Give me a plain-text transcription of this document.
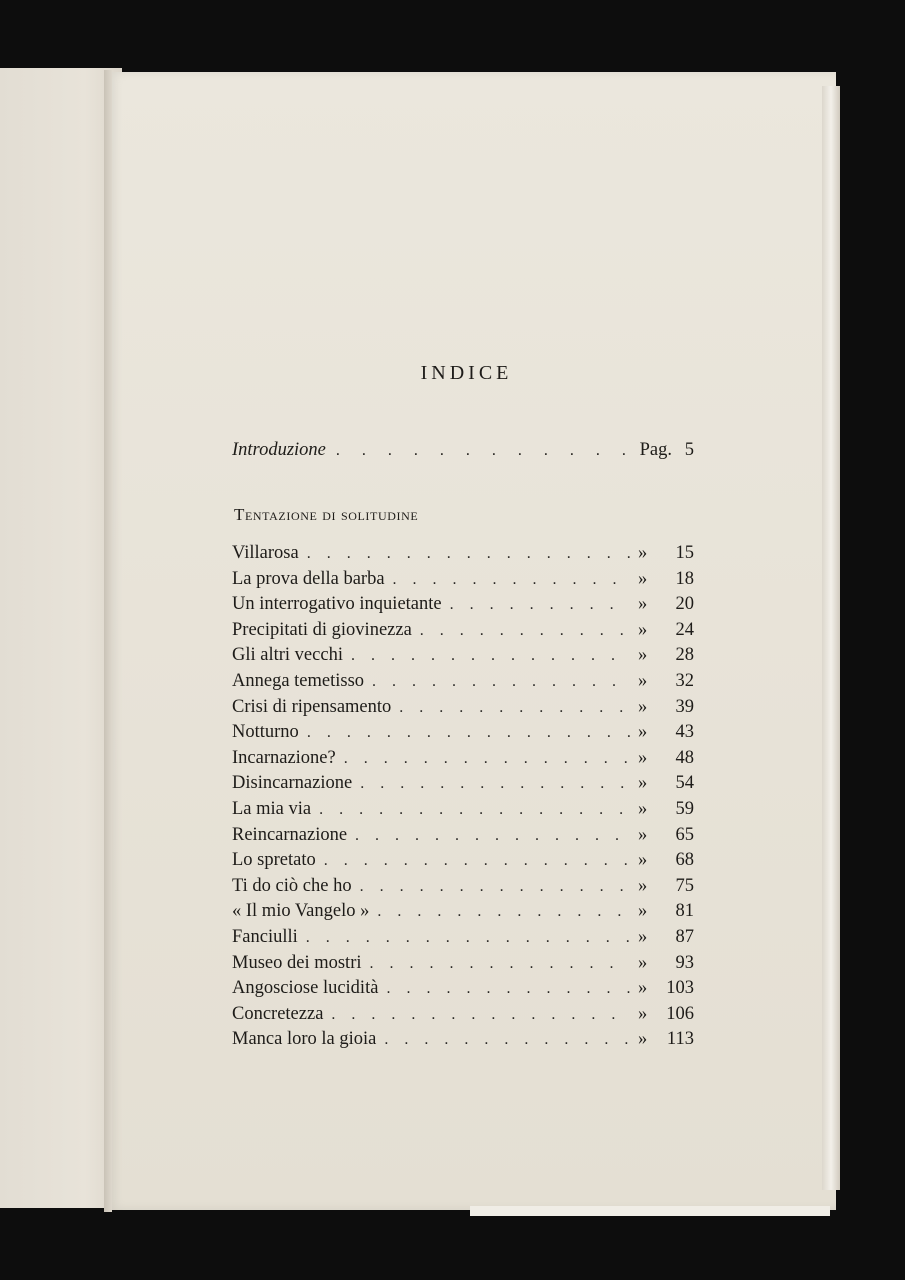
INDICE
Introduzione . . .	Pag. 5
Tentazione di solitudine
Villarosa . . .	»	15
La prova della barba . . .	»	18
Un interrogativo inquietante . . .	»	20
Precipitati di giovinezza . . .	»	24
Gli altri vecchi . . .	»	28
Annega temetisso . . .	»	32
Crisi di ripensamento . . .	»	39
Notturno . . .	»	43
Incarnazione? . . .	»	48
Disincarnazione . . .	»	54
La mia via . . .	»	59
Reincarnazione . . .	»	65
Lo spretato . . .	»	68
Ti do ciò che ho . . .	»	75
« Il mio Vangelo » . . .	»	81
Fanciulli . . .	»	87
Museo dei mostri . . .	»	93
Angosciose lucidità . . .	»	103
Concretezza . . .	»	106
Manca loro la gioia . . .	»	113
